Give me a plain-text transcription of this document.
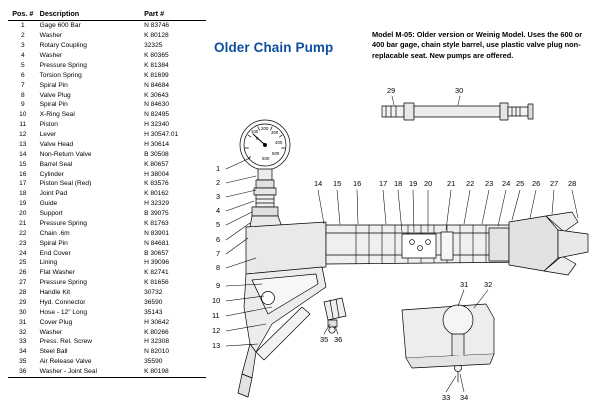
Pos. #	Description	Part #
1	Gage 600 Bar	N 83746
2	Washer	K 80128
3	Rotary Coupling	32325
4	Washer	K 80365
5	Pressure Spring	K 81384
6	Torsion Spring	K 81699
7	Spiral Pin	N 84684
8	Valve Plug	K 30643
9	Spiral Pin	N 84630
10	X-Ring Seal	N 82495
11	Piston	H 32340
12	Lever	H 30547.01
13	Valve Head	H 30614
14	Non-Return Valve	B 30508
15	Barrel Seal	K 80657
16	Cylinder	H 38004
17	Piston Seal (Red)	K 83576
18	Joint Pad	K 80162
19	Guide	H 32329
20	Support	B 39075
21	Pressure Spring	K 81763
22	Chain .6m	N 83901
23	Spiral Pin	N 84681
24	End Cover	B 30657
25	Lining	H 39096
26	Flat Washer	K 82741
27	Pressure Spring	K 81656
28	Handle Kit	30732
29	Hyd. Connector	36590
30	Hose - 12" Long	35143
31	Cover Plug	H 30642
32	Washer	K 80266
33	Press. Rel. Screw	H 32308
34	Steel Ball	N 82010
35	Air Release Valve	35590
36	Washer - Joint Seal	K 80198
Older Chain Pump
Model M-05: Older version or Weinig Model. Uses the 600 or 400 bar gage, chain style barrel, use plastic valve plug non-replacable seat. New pumps are offered.
0
100
200
300
400
500
600
1
2
3
4
5
6
7
8
9
10
11
12
13
14 15 16 17 18 19 20 21 22 23 24 25 26 27 28
29	30
35 36
31 32
33 34
